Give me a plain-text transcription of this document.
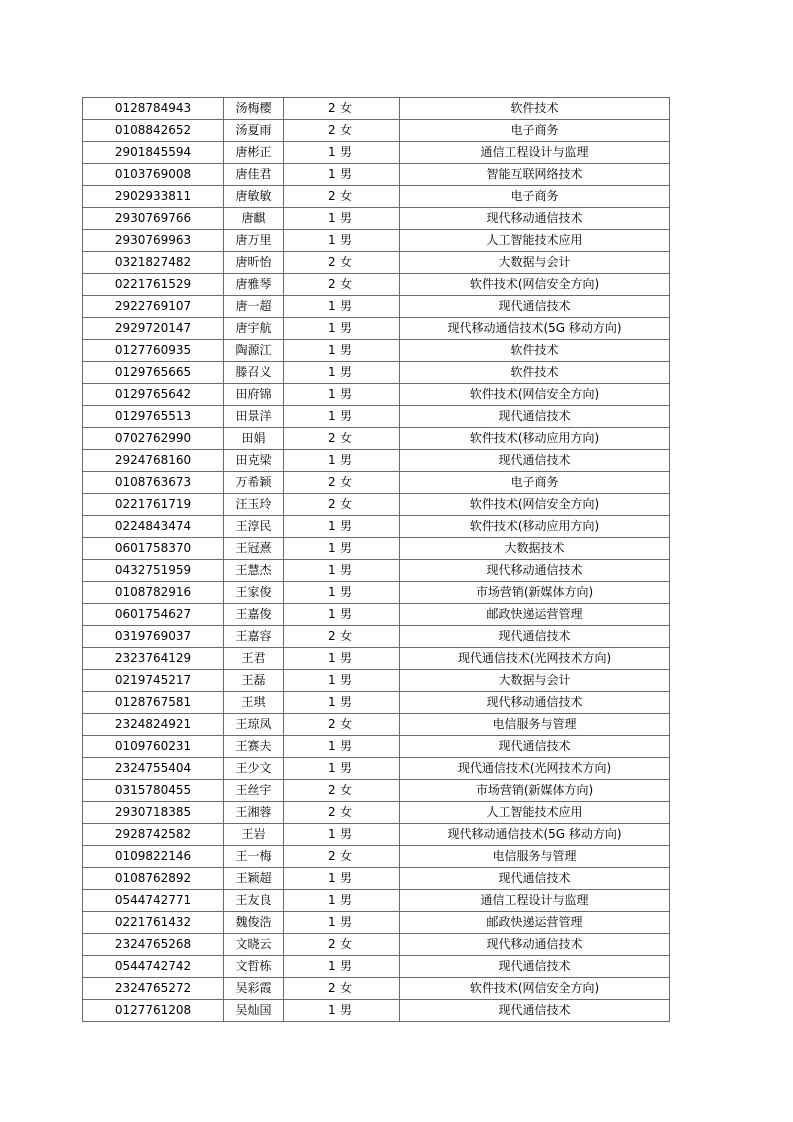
0128784943	汤梅樱	2 女	软件技术
0108842652	汤夏雨	2 女	电子商务
2901845594	唐彬正	1 男	通信工程设计与监理
0103769008	唐佳君	1 男	智能互联网络技术
2902933811	唐敏敏	2 女	电子商务
2930769766	唐麒	1 男	现代移动通信技术
2930769963	唐万里	1 男	人工智能技术应用
0321827482	唐昕怡	2 女	大数据与会计
0221761529	唐雅琴	2 女	软件技术(网信安全方向)
2922769107	唐一超	1 男	现代通信技术
2929720147	唐宇航	1 男	现代移动通信技术(5G 移动方向)
0127760935	陶源江	1 男	软件技术
0129765665	滕召义	1 男	软件技术
0129765642	田府锦	1 男	软件技术(网信安全方向)
0129765513	田景洋	1 男	现代通信技术
0702762990	田娟	2 女	软件技术(移动应用方向)
2924768160	田克梁	1 男	现代通信技术
0108763673	万希颖	2 女	电子商务
0221761719	汪玉玲	2 女	软件技术(网信安全方向)
0224843474	王淳民	1 男	软件技术(移动应用方向)
0601758370	王冠熹	1 男	大数据技术
0432751959	王慧杰	1 男	现代移动通信技术
0108782916	王家俊	1 男	市场营销(新媒体方向)
0601754627	王嘉俊	1 男	邮政快递运营管理
0319769037	王嘉容	2 女	现代通信技术
2323764129	王君	1 男	现代通信技术(光网技术方向)
0219745217	王磊	1 男	大数据与会计
0128767581	王琪	1 男	现代移动通信技术
2324824921	王琼凤	2 女	电信服务与管理
0109760231	王赛夫	1 男	现代通信技术
2324755404	王少文	1 男	现代通信技术(光网技术方向)
0315780455	王丝宇	2 女	市场营销(新媒体方向)
2930718385	王湘蓉	2 女	人工智能技术应用
2928742582	王岩	1 男	现代移动通信技术(5G 移动方向)
0109822146	王一梅	2 女	电信服务与管理
0108762892	王颖超	1 男	现代通信技术
0544742771	王友良	1 男	通信工程设计与监理
0221761432	魏俊浩	1 男	邮政快递运营管理
2324765268	文晓云	2 女	现代移动通信技术
0544742742	文哲栋	1 男	现代通信技术
2324765272	吴彩霞	2 女	软件技术(网信安全方向)
0127761208	吴灿国	1 男	现代通信技术
